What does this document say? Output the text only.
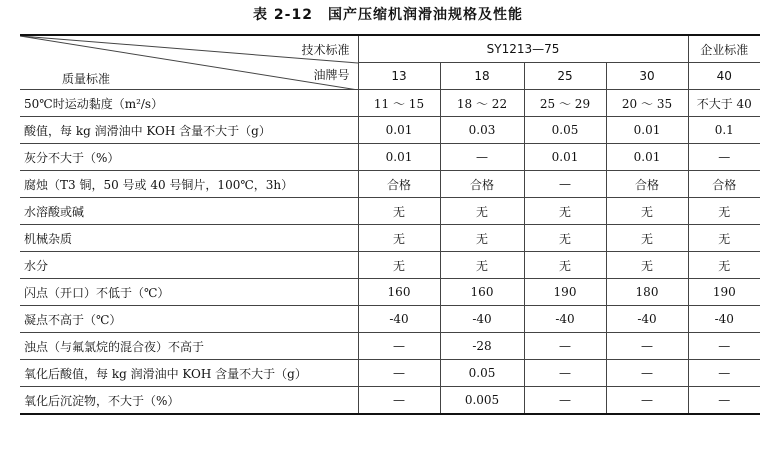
表 2-12　国产压缩机润滑油规格及性能
技术标准
油牌号
质量标准	SY1213—75				企业标准
	13	18	25	30	40
50℃时运动黏度（m²/s）	11 ～ 15	18 ～ 22	25 ～ 29	20 ～ 35	不大于 40
酸值，每 kg 润滑油中 KOH 含量不大于（g）	0.01	0.03	0.05	0.01	0.1
灰分不大于（%）	0.01	—	0.01	0.01	—
腐烛（T3 铜，50 号或 40 号铜片，100℃，3h）	合格	合格	—	合格	合格
水溶酸或碱	无	无	无	无	无
机械杂质	无	无	无	无	无
水分	无	无	无	无	无
闪点（开口）不低于（℃）	160	160	190	180	190
凝点不高于（℃）	-40	-40	-40	-40	-40
浊点（与氟氯烷的混合夜）不高于	—	-28	—	—	—
氧化后酸值，每 kg 润滑油中 KOH 含量不大于（g）	—	0.05	—	—	—
氧化后沉淀物，不大于（%）	—	0.005	—	—	—
